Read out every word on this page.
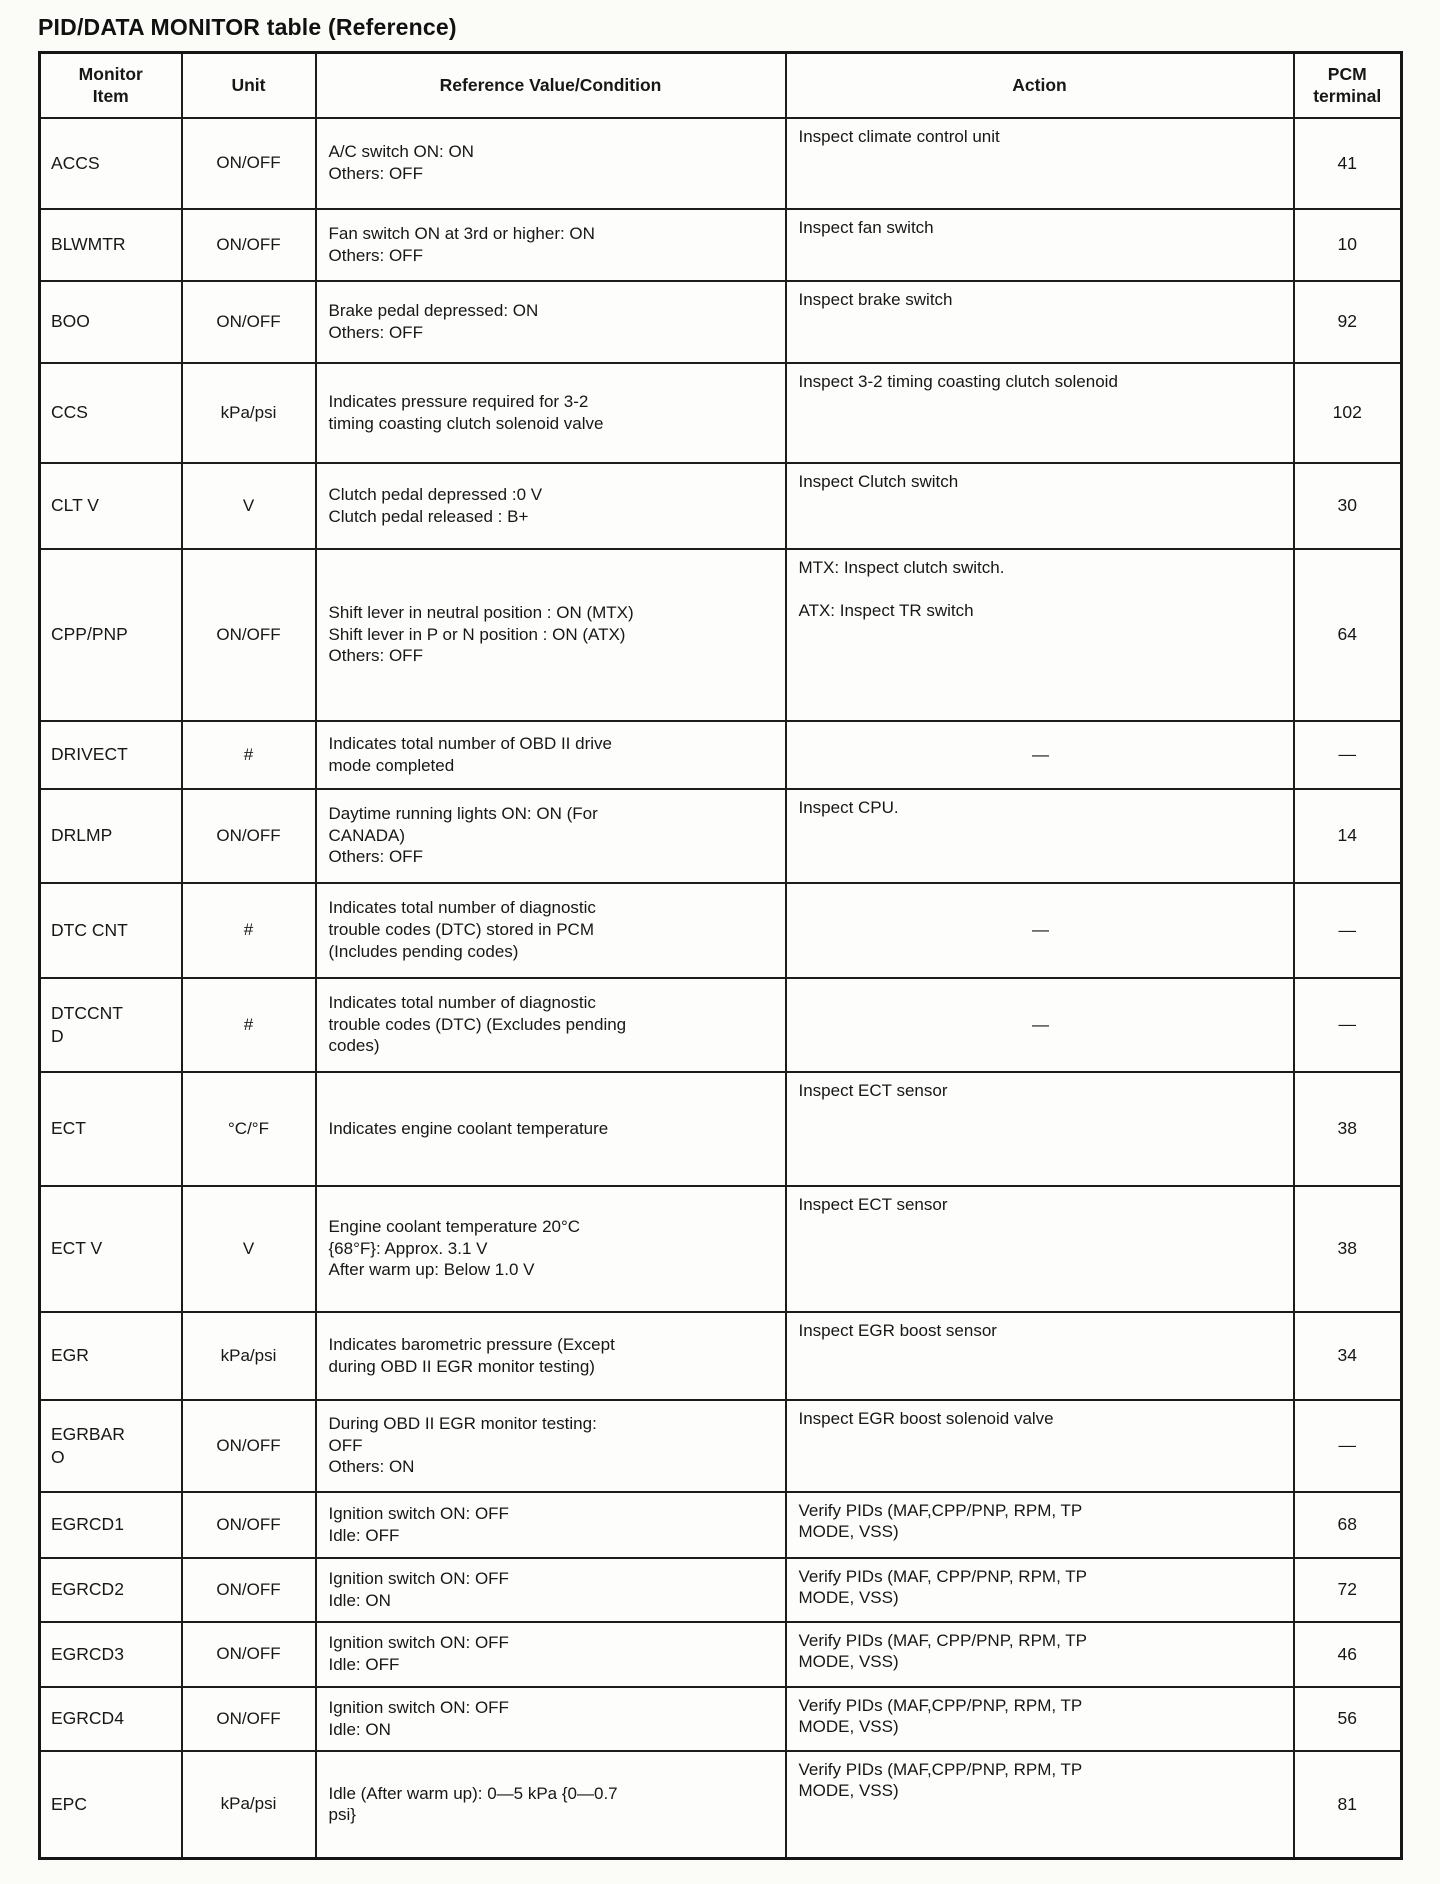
PID/DATA MONITOR table (Reference)
Monitor
Item	Unit	Reference Value/Condition	Action	PCM
terminal
ACCS	ON/OFF	A/C switch ON: ON
Others: OFF	Inspect climate control unit	41
BLWMTR	ON/OFF	Fan switch ON at 3rd or higher: ON
Others: OFF	Inspect fan switch	10
BOO	ON/OFF	Brake pedal depressed: ON
Others: OFF	Inspect brake switch	92
CCS	kPa/psi	Indicates pressure required for 3-2
timing coasting clutch solenoid valve	Inspect 3-2 timing coasting clutch solenoid	102
CLT V	V	Clutch pedal depressed :0 V
Clutch pedal released : B+	Inspect Clutch switch	30
CPP/PNP	ON/OFF	Shift lever in neutral position : ON (MTX)
Shift lever in P or N position : ON (ATX)
Others: OFF	MTX: Inspect clutch switch.

ATX: Inspect TR switch	64
DRIVECT	#	Indicates total number of OBD II drive
mode completed	—	—
DRLMP	ON/OFF	Daytime running lights ON: ON (For
CANADA)
Others: OFF	Inspect CPU.	14
DTC CNT	#	Indicates total number of diagnostic
trouble codes (DTC) stored in PCM
(Includes pending codes)	—	—
DTCCNT
D	#	Indicates total number of diagnostic
trouble codes (DTC) (Excludes pending
codes)	—	—
ECT	°C/°F	Indicates engine coolant temperature	Inspect ECT sensor	38
ECT V	V	Engine coolant temperature 20°C
{68°F}: Approx. 3.1 V
After warm up: Below 1.0 V	Inspect ECT sensor	38
EGR	kPa/psi	Indicates barometric pressure (Except
during OBD II EGR monitor testing)	Inspect EGR boost sensor	34
EGRBAR
O	ON/OFF	During OBD II EGR monitor testing:
OFF
Others: ON	Inspect EGR boost solenoid valve	—
EGRCD1	ON/OFF	Ignition switch ON: OFF
Idle: OFF	Verify PIDs (MAF,CPP/PNP, RPM, TP
MODE, VSS)	68
EGRCD2	ON/OFF	Ignition switch ON: OFF
Idle: ON	Verify PIDs (MAF, CPP/PNP, RPM, TP
MODE, VSS)	72
EGRCD3	ON/OFF	Ignition switch ON: OFF
Idle: OFF	Verify PIDs (MAF, CPP/PNP, RPM, TP
MODE, VSS)	46
EGRCD4	ON/OFF	Ignition switch ON: OFF
Idle: ON	Verify PIDs (MAF,CPP/PNP, RPM, TP
MODE, VSS)	56
EPC	kPa/psi	Idle (After warm up): 0—5 kPa {0—0.7
psi}	Verify PIDs (MAF,CPP/PNP, RPM, TP
MODE, VSS)	81
